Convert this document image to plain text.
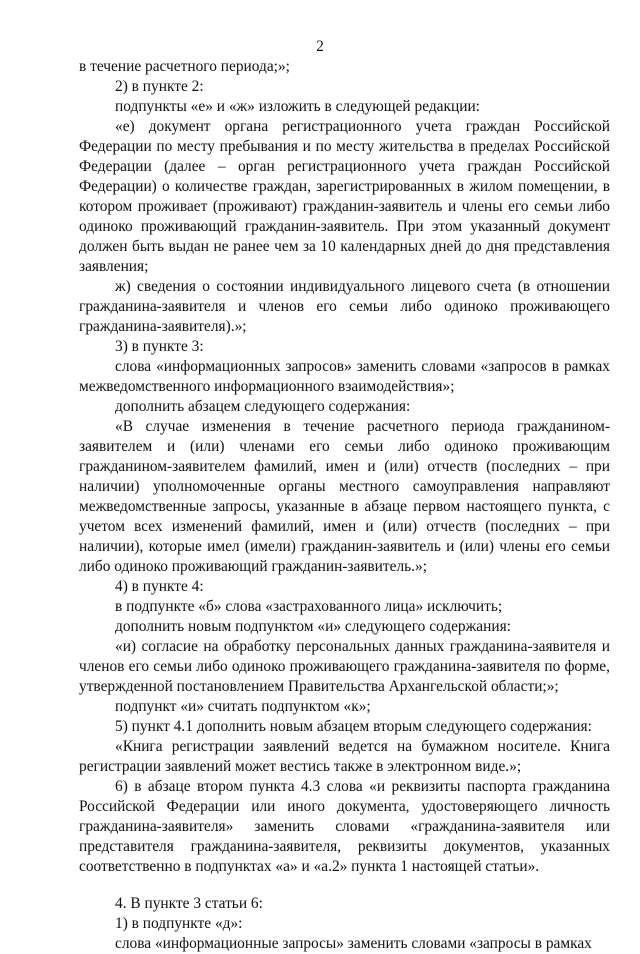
2

в течение расчетного периода;»;

2) в пункте 2:

подпункты «е» и «ж» изложить в следующей редакции:

«е) документ органа регистрационного учета граждан Российской Федерации по месту пребывания и по месту жительства в пределах Российской Федерации (далее – орган регистрационного учета граждан Российской Федерации) о количестве граждан, зарегистрированных в жилом помещении, в котором проживает (проживают) гражданин-заявитель и члены его семьи либо одиноко проживающий гражданин-заявитель. При этом указанный документ должен быть выдан не ранее чем за 10 календарных дней до дня представления заявления;

ж) сведения о состоянии индивидуального лицевого счета (в отношении гражданина-заявителя и членов его семьи либо одиноко проживающего гражданина-заявителя).»;

3) в пункте 3:

слова «информационных запросов» заменить словами «запросов в рамках межведомственного информационного взаимодействия»;

дополнить абзацем следующего содержания:

«В случае изменения в течение расчетного периода гражданином-заявителем и (или) членами его семьи либо одиноко проживающим гражданином-заявителем фамилий, имен и (или) отчеств (последних – при наличии) уполномоченные органы местного самоуправления направляют межведомственные запросы, указанные в абзаце первом настоящего пункта, с учетом всех изменений фамилий, имен и (или) отчеств (последних – при наличии), которые имел (имели) гражданин-заявитель и (или) члены его семьи либо одиноко проживающий гражданин-заявитель.»;

4) в пункте 4:

в подпункте «б» слова «застрахованного лица» исключить;

дополнить новым подпунктом «и» следующего содержания:

«и) согласие на обработку персональных данных гражданина-заявителя и членов его семьи либо одиноко проживающего гражданина-заявителя по форме, утвержденной постановлением Правительства Архангельской области;»;

подпункт «и» считать подпунктом «к»;

5) пункт 4.1 дополнить новым абзацем вторым следующего содержания:

«Книга регистрации заявлений ведется на бумажном носителе. Книга регистрации заявлений может вестись также в электронном виде.»;

6) в абзаце втором пункта 4.3 слова «и реквизиты паспорта гражданина Российской Федерации или иного документа, удостоверяющего личность гражданина-заявителя» заменить словами «гражданина-заявителя или представителя гражданина-заявителя, реквизиты документов, указанных соответственно в подпунктах «а» и «а.2» пункта 1 настоящей статьи».

4. В пункте 3 статьи 6:

1) в подпункте «д»:

слова «информационные запросы» заменить словами «запросы в рамках
